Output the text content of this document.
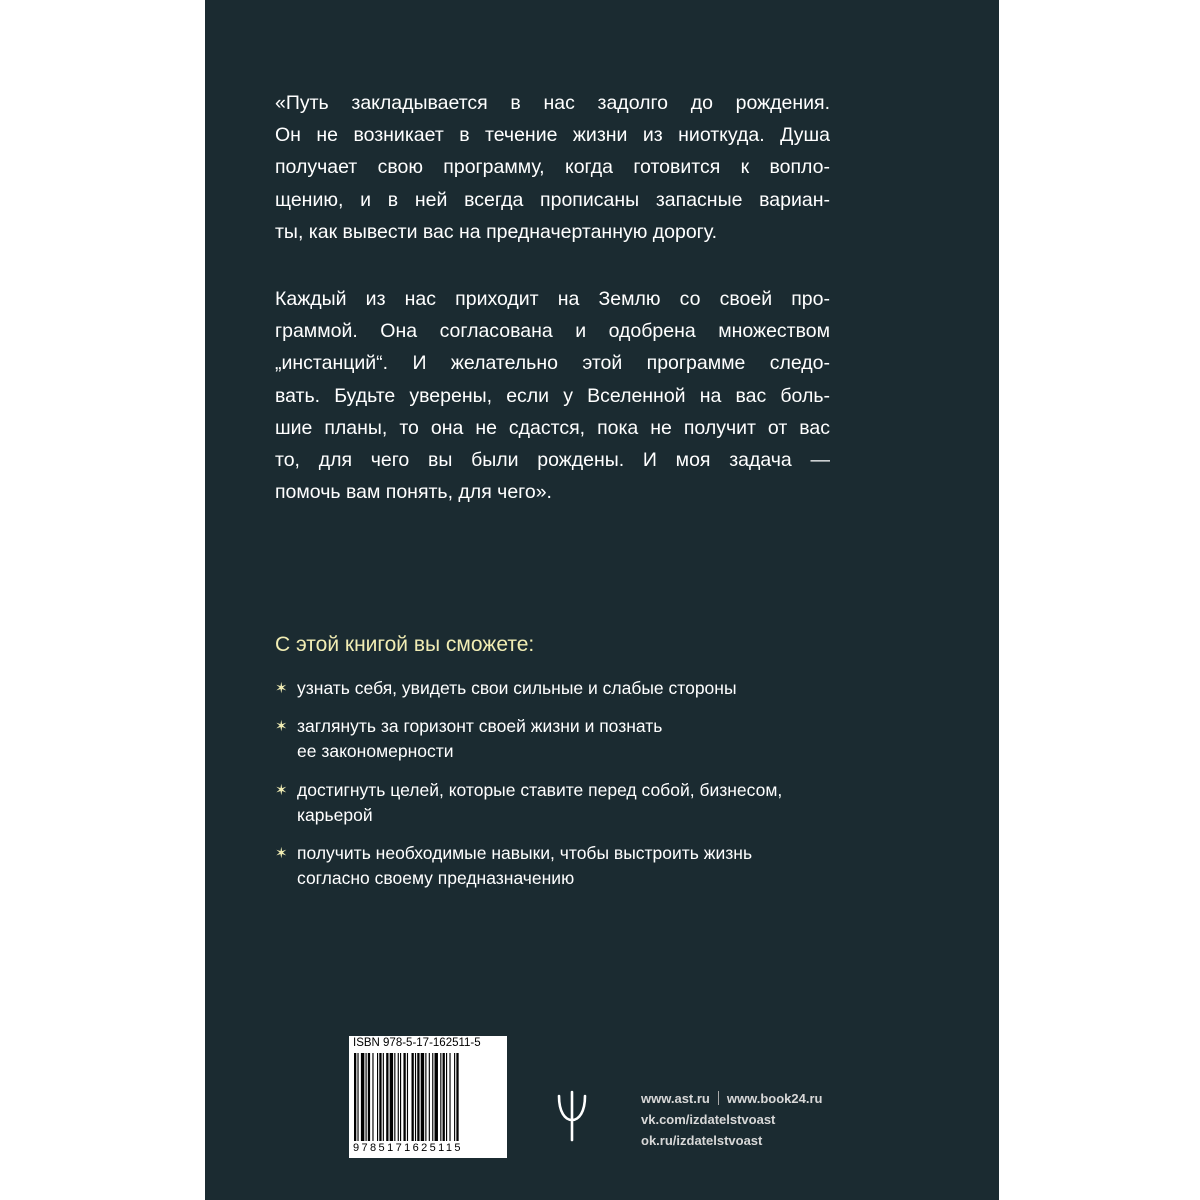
«Путь закладывается в нас задолго до рождения.
Он не возникает в течение жизни из ниоткуда. Душа
получает свою программу, когда готовится к вопло-
щению, и в ней всегда прописаны запасные вариан-
ты, как вывести вас на предначертанную дорогу.
Каждый из нас приходит на Землю со своей про-
граммой. Она согласована и одобрена множеством
„инстанций“. И желательно этой программе следо-
вать. Будьте уверены, если у Вселенной на вас боль-
шие планы, то она не сдастся, пока не получит от вас
то, для чего вы были рождены. И моя задача —
помочь вам понять, для чего».
С этой книгой вы сможете:
✶ узнать себя, увидеть свои сильные и слабые стороны
✶ заглянуть за горизонт своей жизни и познать
ее закономерности
✶ достигнуть целей, которые ставите перед собой, бизнесом,
карьерой
✶ получить необходимые навыки, чтобы выстроить жизнь
согласно своему предназначению
ISBN 978-5-17-162511-5
9785171625115
www.ast.ru www.book24.ru
vk.com/izdatelstvoast
ok.ru/izdatelstvoast
